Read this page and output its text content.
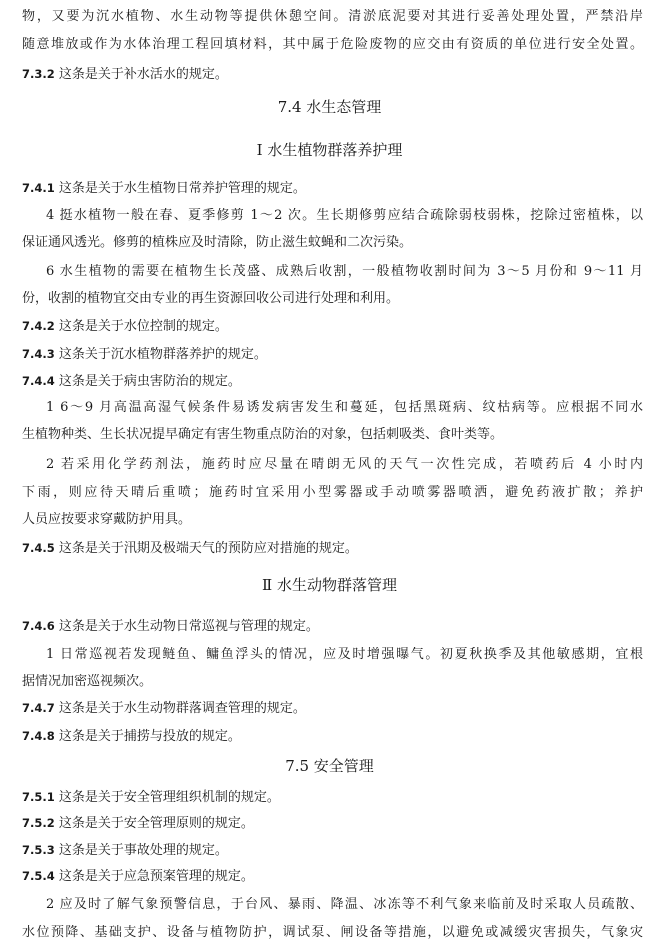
物，又要为沉水植物、水生动物等提供休憩空间。清淤底泥要对其进行妥善处理处置，严禁沿岸
随意堆放或作为水体治理工程回填材料，其中属于危险废物的应交由有资质的单位进行安全处置。
7.3.2 这条是关于补水活水的规定。
7.4 水生态管理
Ⅰ 水生植物群落养护理
7.4.1 这条是关于水生植物日常养护管理的规定。
4 挺水植物一般在春、夏季修剪 1～2 次。生长期修剪应结合疏除弱枝弱株，挖除过密植株，以
保证通风透光。修剪的植株应及时清除，防止滋生蚊蝇和二次污染。
6 水生植物的需要在植物生长茂盛、成熟后收割，一般植物收割时间为 3～5 月份和 9～11 月
份，收割的植物宜交由专业的再生资源回收公司进行处理和利用。
7.4.2 这条是关于水位控制的规定。
7.4.3 这条关于沉水植物群落养护的规定。
7.4.4 这条是关于病虫害防治的规定。
1 6～9 月高温高湿气候条件易诱发病害发生和蔓延，包括黑斑病、纹枯病等。应根据不同水
生植物种类、生长状况提早确定有害生物重点防治的对象，包括刺吸类、食叶类等。
2 若采用化学药剂法，施药时应尽量在晴朗无风的天气一次性完成，若喷药后 4 小时内
下雨，则应待天晴后重喷；施药时宜采用小型雾器或手动喷雾器喷洒，避免药液扩散；养护
人员应按要求穿戴防护用具。
7.4.5 这条是关于汛期及极端天气的预防应对措施的规定。
Ⅱ 水生动物群落管理
7.4.6 这条是关于水生动物日常巡视与管理的规定。
1 日常巡视若发现鲢鱼、鳙鱼浮头的情况，应及时增强曝气。初夏秋换季及其他敏感期，宜根
据情况加密巡视频次。
7.4.7 这条是关于水生动物群落调查管理的规定。
7.4.8 这条是关于捕捞与投放的规定。
7.5 安全管理
7.5.1 这条是关于安全管理组织机制的规定。
7.5.2 这条是关于安全管理原则的规定。
7.5.3 这条是关于事故处理的规定。
7.5.4 这条是关于应急预案管理的规定。
2 应及时了解气象预警信息，于台风、暴雨、降温、冰冻等不利气象来临前及时采取人员疏散、
水位预降、基础支护、设备与植物防护，调试泵、闸设备等措施，以避免或减缓灾害损失，气象灾
